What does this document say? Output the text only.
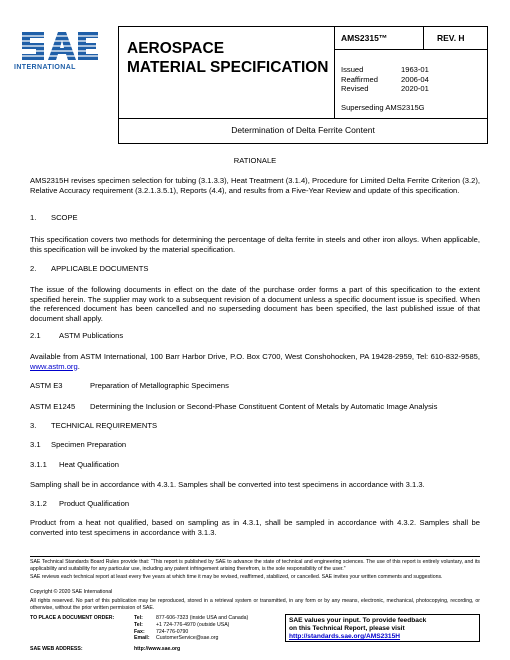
INTERNATIONAL
AEROSPACE
MATERIAL SPECIFICATION
AMS2315™	REV. H
Issued	1963-01
Reaffirmed	2006-04
Revised	2020-01
Superseding AMS2315G
Determination of Delta Ferrite Content
RATIONALE
AMS2315H revises specimen selection for tubing (3.1.3.3), Heat Treatment (3.1.4), Procedure for Limited Delta Ferrite Criterion (3.2), Relative Accuracy requirement (3.2.1.3.5.1), Reports (4.4), and results from a Five-Year Review and update of this specification.
1. SCOPE
This specification covers two methods for determining the percentage of delta ferrite in steels and other iron alloys. When applicable, this specification will be invoked by the material specification.
2. APPLICABLE DOCUMENTS
The issue of the following documents in effect on the date of the purchase order forms a part of this specification to the extent specified herein. The supplier may work to a subsequent revision of a document unless a specific document issue is specified. When the referenced document has been cancelled and no superseding document has been specified, the last published issue of that document shall apply.
2.1 ASTM Publications
Available from ASTM International, 100 Barr Harbor Drive, P.O. Box C700, West Conshohocken, PA 19428-2959, Tel: 610-832-9585, www.astm.org.
ASTM E3	Preparation of Metallographic Specimens
ASTM E1245 Determining the Inclusion or Second-Phase Constituent Content of Metals by Automatic Image Analysis
3. TECHNICAL REQUIREMENTS
3.1 Specimen Preparation
3.1.1 Heat Qualification
Sampling shall be in accordance with 4.3.1. Samples shall be converted into test specimens in accordance with 3.1.3.
3.1.2 Product Qualification
Product from a heat not qualified, based on sampling as in 4.3.1, shall be sampled in accordance with 4.3.2. Samples shall be converted into test specimens in accordance with 3.1.3.
SAE Technical Standards Board Rules provide that: “This report is published by SAE to advance the state of technical and engineering sciences. The use of this report is entirely voluntary, and its applicability and suitability for any particular use, including any patent infringement arising therefrom, is the sole responsibility of the user.”
SAE reviews each technical report at least every five years at which time it may be revised, reaffirmed, stabilized, or cancelled. SAE invites your written comments and suggestions.
Copyright © 2020 SAE International
All rights reserved. No part of this publication may be reproduced, stored in a retrieval system or transmitted, in any form or by any means, electronic, mechanical, photocopying, recording, or otherwise, without the prior written permission of SAE.
TO PLACE A DOCUMENT ORDER:	Tel:	877-606-7323 (inside USA and Canada)
Tel:	+1 724-776-4970 (outside USA)
Fax: 724-776-0790
Email: CustomerService@sae.org
SAE WEB ADDRESS:	http://www.sae.org
SAE values your input. To provide feedback
on this Technical Report, please visit
http://standards.sae.org/AMS2315H
